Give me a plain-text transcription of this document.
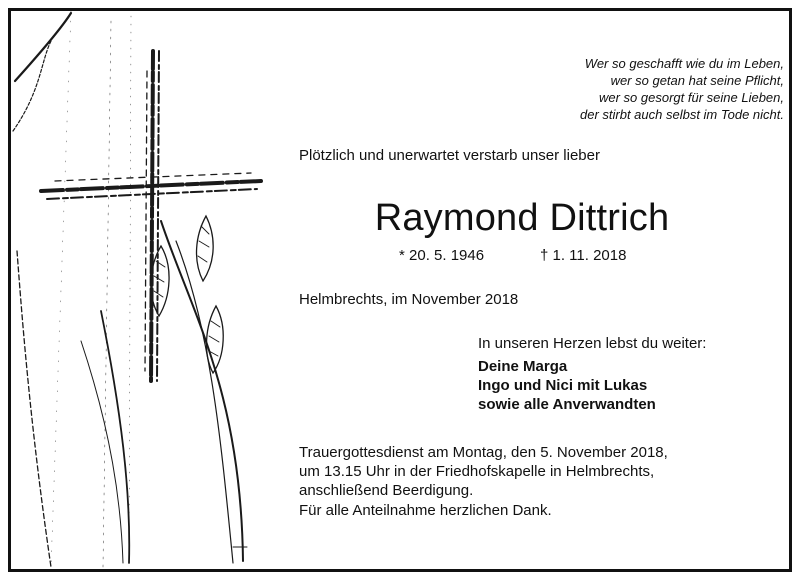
Wer so geschafft wie du im Leben,
wer so getan hat seine Pflicht,
wer so gesorgt für seine Lieben,
der stirbt auch selbst im Tode nicht.
Plötzlich und unerwartet verstarb unser lieber
Raymond Dittrich
* 20. 5. 1946	† 1. 11. 2018
Helmbrechts, im November 2018
In unseren Herzen lebst du weiter:
Deine Marga
Ingo und Nici mit Lukas
sowie alle Anverwandten
Trauergottesdienst am Montag, den 5. November 2018,
um 13.15 Uhr in der Friedhofskapelle in Helmbrechts,
anschließend Beerdigung.
Für alle Anteilnahme herzlichen Dank.
